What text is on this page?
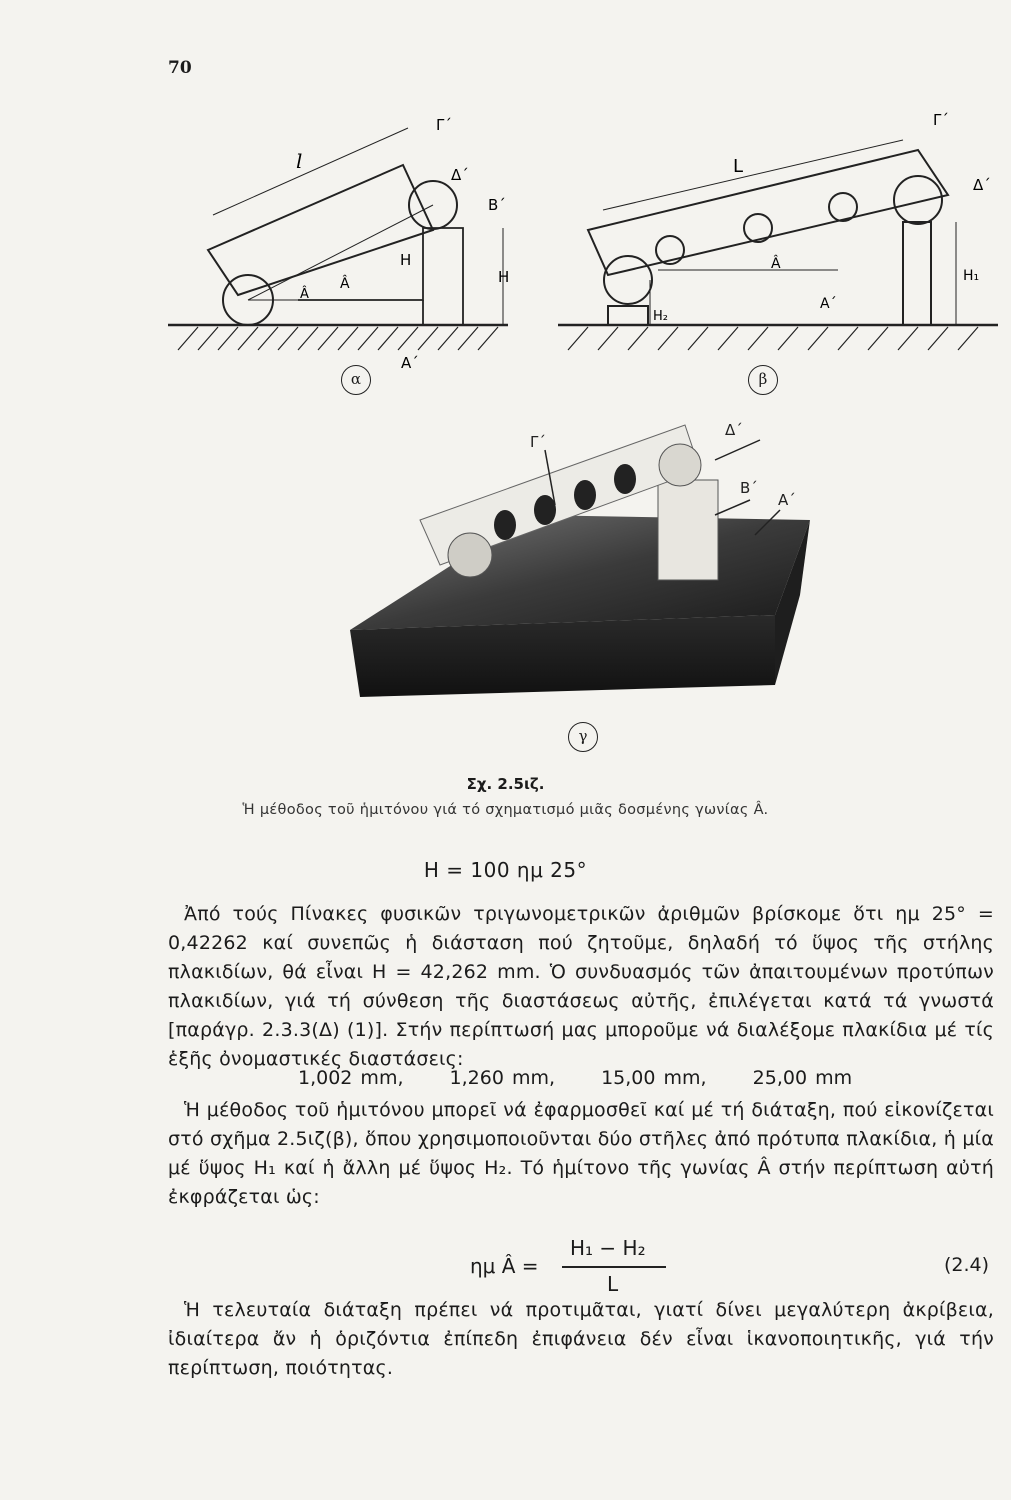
70
l
Γ΄
Δ΄
Β΄
H
H
Â
Â
Α΄
α
L
Γ΄
Δ΄
Â
Α΄
H₁
H₂
β
Γ΄
Δ΄
Β΄
Α΄
γ
Σχ. 2.5ιζ.
Ἡ μέθοδος τοῦ ἡμιτόνου γιά τό σχηματισμό μιᾶς δοσμένης γωνίας Â.
H = 100 ημ 25°

Ἀπό τούς Πίνακες φυσικῶν τριγωνομετρικῶν ἀριθμῶν βρίσκομε ὅτι ημ 25° = 0,42262 καί συνεπῶς ἡ διάσταση πού ζητοῦμε, δηλαδή τό ὕψος τῆς στήλης πλακιδίων, θά εἶναι H = 42,262 mm. Ὁ συνδυασμός τῶν ἀπαιτουμένων προτύπων πλακιδίων, γιά τή σύνθεση τῆς διαστάσεως αὐτῆς, ἐπιλέγεται κατά τά γνωστά [παράγρ. 2.3.3(Δ) (1)]. Στήν περίπτωσή μας μποροῦμε νά διαλέξομε πλακίδια μέ τίς ἑξῆς ὀνομαστικές διαστάσεις:

1,002 mm, 1,260 mm, 15,00 mm, 25,00 mm

Ἡ μέθοδος τοῦ ἡμιτόνου μπορεῖ νά ἐφαρμοσθεῖ καί μέ τή διάταξη, πού εἰκονίζεται στό σχῆμα 2.5ιζ(β), ὅπου χρησιμοποιοῦνται δύο στῆλες ἀπό πρότυπα πλακίδια, ἡ μία μέ ὕψος H₁ καί ἡ ἄλλη μέ ὕψος H₂. Τό ἡμίτονο τῆς γωνίας Â στήν περίπτωση αὐτή ἐκφράζεται ὡς:

ημ Â =
H₁ − H₂
L
(2.4)

Ἡ τελευταία διάταξη πρέπει νά προτιμᾶται, γιατί δίνει μεγαλύτερη ἀκρίβεια, ἰδιαίτερα ἄν ἡ ὁριζόντια ἐπίπεδη ἐπιφάνεια δέν εἶναι ἱκανοποιητικῆς, γιά τήν περίπτωση, ποιότητας.
